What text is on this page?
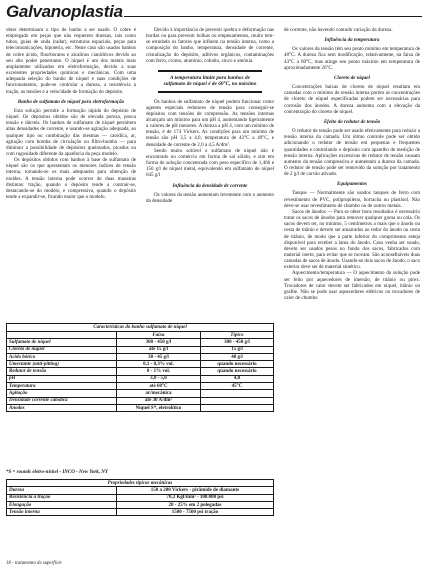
Galvanoplastia

obter determinam o tipo de banho a ser usado. O cobre é empregado em peças que não requerem durezas, tais como tubos, guias de onda (radar), estruturas espaciais, peças para telecomunicações, hipoteria, etc. Neste caso são usados banhos de cobre ácido, fluorboratos e alcalinos cianídricos devido ao seu alto poder penetrante. O níquel é um dos metais mais amplamente utilizados em eletroformação, devido a suas excelentes propriedades químicas e mecânicas. Com uma adequada seleção do banho de níquel e suas condições de funcionamento, pode-se controlar a dureza, a resistência à tração, as tensões e a velocidade de formação do depósito.

Banho de sulfamato de níquel para eletroformação

Esta solução permite a formação rápida do depósito de níquel. Os depósitos obtidos são de elevada pureza, pouca tensão e dúcteis. Os banhos de sulfamato de níquel permitem altas densidades de corrente, e usando-se agitação adequada, ao qualquer tipo ou combinação das mesmas — catódica, ar, agitação com bomba de circulação ou filtro-bomba — para diminuir a possibilidade de depósitos queimados, picados ou com rugosidade diferente da aparência da peça modelo.

Os depósitos obtidos com banhos à base de sulfamato de níquel são os que apresentam os menores índices de tensão interna, tornando-se os mais adequados para obtenção de moldes. A tensão interna pode ocorrer de duas maneiras distintas: tração, quando o depósito tende a contrair-se, destacando-se do modelo, e compressiva, quando o depósito tende a expandir-se, ficando maior que o modelo.

Devido à importância de prevenir quebra e deformação nas bordas ou para prevenir bolhas ou empenamentos, muito tem-se estudado os fatores que influem na tensão interna, como a composição do banho, temperatura, densidade de corrente, cristalização do depósito, aditivos orgânicos, contaminações com ferro, cromo, alumínio, cobalto, zinco e amônia.

A temperatura limite para banhos de sulfamato de níquel é de 60°C, no máximo

Os banhos de sulfamato de níquel podem funcionar como agentes especiais redutores de tensão para conseguir-se depósitos com tensões de compressão. As tensões internas alcançam um mínimo para um pH 4, aumentando ligeiramente a valores de pH menores. A dureza a pH 4, com um mínimo de tensão, é de 174 Vickers. As condições para um mínimo de tensão são pH 3,5 a 4,0, temperatura de 43°C a 49°C, e densidade de corrente de 2,0 a 4,5 A/dm².

Sendo muito solúvel o sulfamato de níquel não é encontrado no comércio em forma de sal sólido, e sim em forma de solução concentrada com peso específico de 1,466 e 150 g/l de níquel metal, equivalendo em sulfamato de níquel 645 g/l

Influência da densidade de corrente

Os valores da tensão aumentam levemente com o aumento da densidade

de corrente, não havendo contudo variação da dureza.

Influência da temperatura

Os valores da tensão têm seu ponto mínimo em temperatura de 48°C. A dureza fica sem modificação, relativamente, na faixa de 43°C a 60°C, mas atinge seu ponto máximo em temperatura de aproximadamente 26°C.

Cloreto de níquel

Concentrações baixas de cloreto de níquel resultam em camadas com o mínimo de tensão interna porém as concentrações de cloreto de níquel especificadas podem ser necessárias para corrosão dos ânodos. A dureza aumenta com a elevação da concentração do cloreto de níquel.

Efeito do redutor de tensão

O redutor de tensão pode ser usado efetivamente para reduzir a tensão interna da camada. Um ótimo controle pode ser obtido adicionando o redutor de tensão em pequenas e frequentes quantidades e controlando o depósito com aparelho de medição de tensão interna. Aplicações excessivas de redutor de tensão causam aumento da tensão compressiva e aumentam a dureza da camada. O redutor de tensão pode ser removido da solução por tratamento de 2 g/l de carvão ativado.

Equipamentos

Tanque — Normalmente são usados tanques de ferro com revestimento de PVC, polipropileno, borracha ou plastisol. Não deve-se usar revestimento de chumbo ou de outros metais.

Sacos de ânodos — Para se obter bons resultados é necessário tratar os sacos de ânodos para remover qualquer goma ou cola. Os sacos devem ter, no mínimo, 5 centímetros a mais que o ânodo ou cesta de titânio e devem ser amarrados ao redor do ânodo ou cesta de titânio, de modo que a parte inferior do comprimento esteja disponível para receber a lama do ânodo. Caso venha ser usado, devem ser usados pesos no fundo dos sacos, fabricados com material inerte, para evitar que se movam. São aconselháveis duas camadas de sacos de ânodo. Usando-se dois sacos de ânodo, o saco exterior deve ser de material sintético.

Aquecimento/temperatura — O aquecimento da solução pode ser feito por aquecedores de imersão, de titânio ou pirex. Trocadores de calor devem ser fabricados em níquel, titânio ou grafite. Não se pode usar aquecedores elétricos ou trocadores de calor de chumbo

Características do banho sulfamato de níquel		
	Faixa	Típico
Sulfamato de níquel	300 - 450 g/l	300 - 450 g/l
Cloreto de níquel	até 15 g/l	15 g/l
Ácido bórico	30 - 45 g/l	40 g/l
Umectante (anti-pitting)	0,1 - 0,3% vol.	quando necessário
Redutor de tensão	0 - 1% vol.	quando necessário
pH	3,0 - 5,0	4,0
Temperatura	até 60°C	45°C
Agitação	ar/mecânica	
Densidade corrente catódica	até 30 A/dm²	
Ânodos	Níquel S*, eletrolítico	
*S = rounds eletro-nickel - INCO - New York, NY
Propriedades típicas mecânicas	
Dureza	150 a 200 Vickers - pirâmide de diamante
Resistência à tração	70,3 Kgf/mm² - 100.000 psi
Elongação	20 - 25% em 2 polegadas
Tensão interna	1500 - 7500 psi tração
18 - tratamento de superfície
